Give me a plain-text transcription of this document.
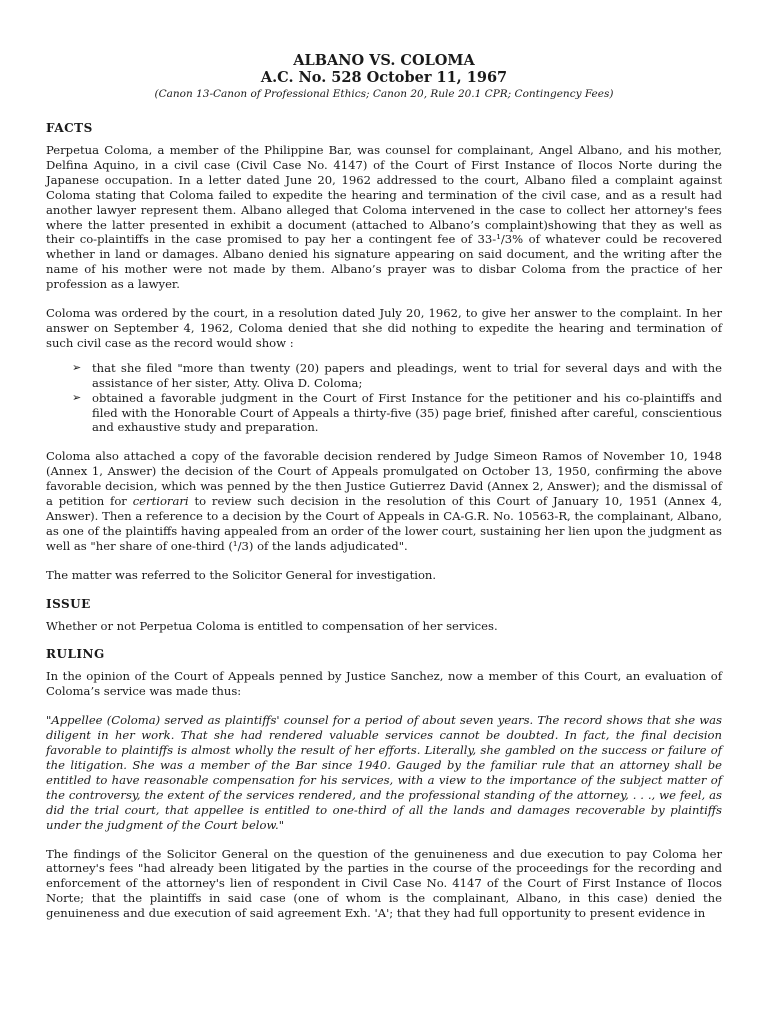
ALBANO VS. COLOMA
A.C. No. 528 October 11, 1967
(Canon 13-Canon of Professional Ethics; Canon 20, Rule 20.1 CPR; Contingency Fees)
FACTS

Perpetua Coloma, a member of the Philippine Bar, was counsel for complainant, Angel Albano, and his mother, Delfina Aquino, in a civil case (Civil Case No. 4147) of the Court of First Instance of Ilocos Norte during the Japanese occupation. In a letter dated June 20, 1962 addressed to the court, Albano filed a complaint against Coloma stating that Coloma failed to expedite the hearing and termination of the civil case, and as a result had another lawyer represent them. Albano alleged that Coloma intervened in the case to collect her attorney's fees where the latter presented in exhibit a document (attached to Albano’s complaint)showing that they as well as their co-plaintiffs in the case promised to pay her a contingent fee of 33-¹/3% of whatever could be recovered whether in land or damages. Albano denied his signature appearing on said document, and the writing after the name of his mother were not made by them. Albano’s prayer was to disbar Coloma from the practice of her profession as a lawyer.

Coloma was ordered by the court, in a resolution dated July 20, 1962, to give her answer to the complaint. In her answer on September 4, 1962, Coloma denied that she did nothing to expedite the hearing and termination of such civil case as the record would show :

➢ that she filed "more than twenty (20) papers and pleadings, went to trial for several days and with the assistance of her sister, Atty. Oliva D. Coloma;
➢ obtained a favorable judgment in the Court of First Instance for the petitioner and his co-plaintiffs and filed with the Honorable Court of Appeals a thirty-five (35) page brief, finished after careful, conscientious and exhaustive study and preparation.

Coloma also attached a copy of the favorable decision rendered by Judge Simeon Ramos of November 10, 1948 (Annex 1, Answer) the decision of the Court of Appeals promulgated on October 13, 1950, confirming the above favorable decision, which was penned by the then Justice Gutierrez David (Annex 2, Answer); and the dismissal of a petition for certiorari to review such decision in the resolution of this Court of January 10, 1951 (Annex 4, Answer). Then a reference to a decision by the Court of Appeals in CA-G.R. No. 10563-R, the complainant, Albano, as one of the plaintiffs having appealed from an order of the lower court, sustaining her lien upon the judgment as well as "her share of one-third (¹/3) of the lands adjudicated".

The matter was referred to the Solicitor General for investigation.

ISSUE

Whether or not Perpetua Coloma is entitled to compensation of her services.

RULING

In the opinion of the Court of Appeals penned by Justice Sanchez, now a member of this Court, an evaluation of Coloma’s service was made thus:

"Appellee (Coloma) served as plaintiffs' counsel for a period of about seven years. The record shows that she was diligent in her work. That she had rendered valuable services cannot be doubted. In fact, the final decision favorable to plaintiffs is almost wholly the result of her efforts. Literally, she gambled on the success or failure of the litigation. She was a member of the Bar since 1940. Gauged by the familiar rule that an attorney shall be entitled to have reasonable compensation for his services, with a view to the importance of the subject matter of the controversy, the extent of the services rendered, and the professional standing of the attorney, . . ., we feel, as did the trial court, that appellee is entitled to one-third of all the lands and damages recoverable by plaintiffs under the judgment of the Court below."

The findings of the Solicitor General on the question of the genuineness and due execution to pay Coloma her attorney's fees "had already been litigated by the parties in the course of the proceedings for the recording and enforcement of the attorney's lien of respondent in Civil Case No. 4147 of the Court of First Instance of Ilocos Norte; that the plaintiffs in said case (one of whom is the complainant, Albano, in this case) denied the genuineness and due execution of said agreement Exh. 'A'; that they had full opportunity to present evidence in
